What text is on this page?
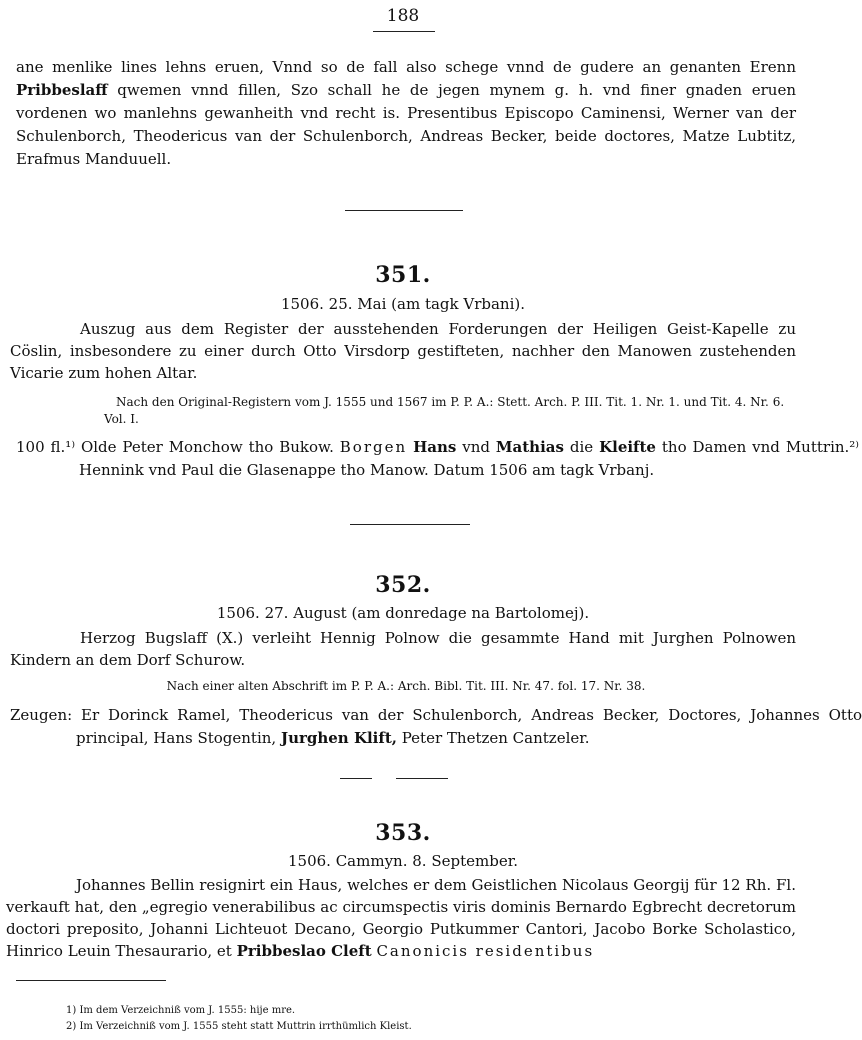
188

ane menlike lines lehns eruen, Vnnd so de fall also schege vnnd de gudere an genanten Erenn Pribbeslaff qwemen vnnd fillen, Szo schall he de jegen mynem g. h. vnd finer gnaden eruen vordenen wo manlehns gewanheith vnd recht is. Presentibus Episcopo Caminensi, Werner van der Schulenborch, Theodericus van der Schulenborch, Andreas Becker, beide doctores, Matze Lubtitz, Erafmus Manduuell.

351.
1506. 25. Mai (am tagk Vrbani).

Auszug aus dem Register der ausstehenden Forderungen der Heiligen Geist-Kapelle zu Cöslin, insbesondere zu einer durch Otto Virsdorp gestifteten, nachher den Manowen zustehenden Vicarie zum hohen Altar.

Nach den Original-Registern vom J. 1555 und 1567 im P. P. A.: Stett. Arch. P. III. Tit. 1. Nr. 1. und Tit. 4. Nr. 6. Vol. I.

100 fl.¹⁾ Olde Peter Monchow tho Bukow. Borgen Hans vnd Mathias die Kleifte tho Damen vnd Muttrin.²⁾ Hennink vnd Paul die Glasenappe tho Manow. Datum 1506 am tagk Vrbanj.

352.
1506. 27. August (am donredage na Bartolomej).

Herzog Bugslaff (X.) verleiht Hennig Polnow die gesammte Hand mit Jurghen Polnowen Kindern an dem Dorf Schurow.

Nach einer alten Abschrift im P. P. A.: Arch. Bibl. Tit. III. Nr. 47. fol. 17. Nr. 38.

Zeugen: Er Dorinck Ramel, Theodericus van der Schulenborch, Andreas Becker, Doctores, Johannes Otto principal, Hans Stogentin, Jurghen Klift, Peter Thetzen Cantzeler.

353.
1506. Cammyn. 8. September.

Johannes Bellin resignirt ein Haus, welches er dem Geistlichen Nicolaus Georgij für 12 Rh. Fl. verkauft hat, den „egregio venerabilibus ac circumspectis viris dominis Bernardo Egbrecht decretorum doctori preposito, Johanni Lichteuot Decano, Georgio Putkummer Cantori, Jacobo Borke Scholastico, Hinrico Leuin Thesaurario, et Pribbeslao Cleft Canonicis residentibus

1) Im dem Verzeichniß vom J. 1555: hije mre.
2) Im Verzeichniß vom J. 1555 steht statt Muttrin irrthümlich Kleist.
